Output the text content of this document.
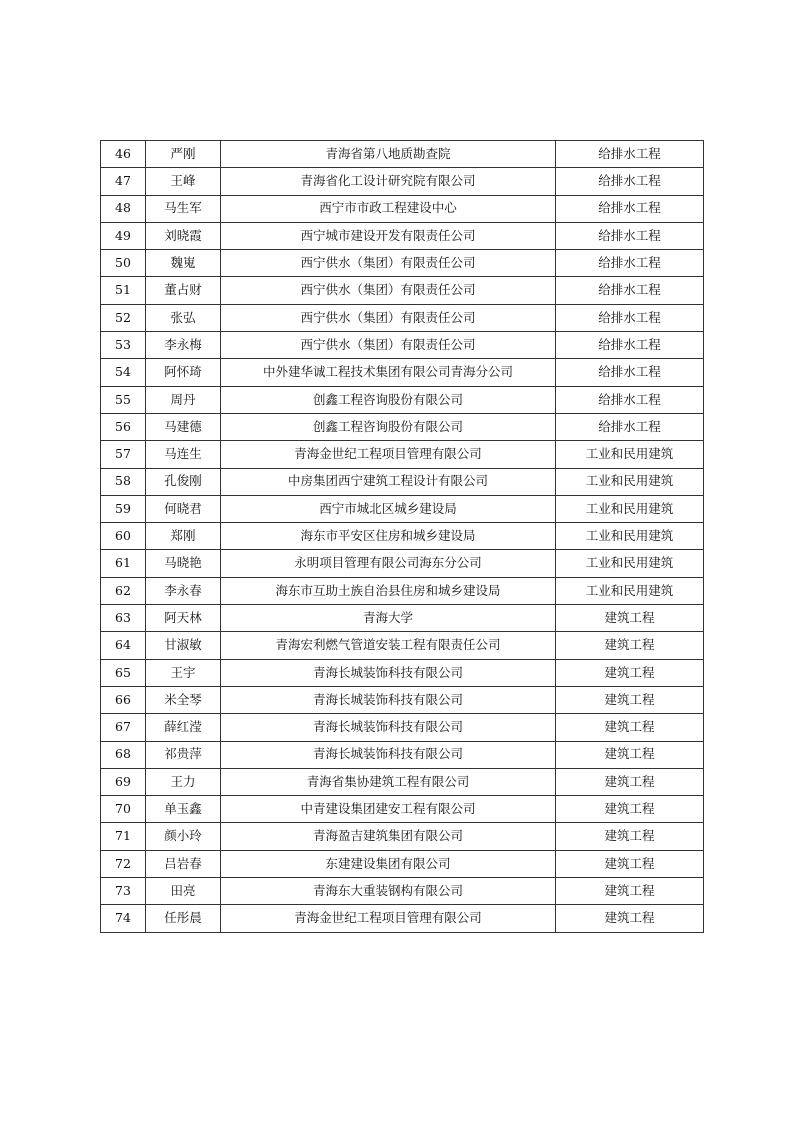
46	严刚	青海省第八地质勘查院	给排水工程
47	王峰	青海省化工设计研究院有限公司	给排水工程
48	马生军	西宁市市政工程建设中心	给排水工程
49	刘晓霞	西宁城市建设开发有限责任公司	给排水工程
50	魏嵬	西宁供水（集团）有限责任公司	给排水工程
51	董占财	西宁供水（集团）有限责任公司	给排水工程
52	张弘	西宁供水（集团）有限责任公司	给排水工程
53	李永梅	西宁供水（集团）有限责任公司	给排水工程
54	阿怀琦	中外建华诚工程技术集团有限公司青海分公司	给排水工程
55	周丹	创鑫工程咨询股份有限公司	给排水工程
56	马建德	创鑫工程咨询股份有限公司	给排水工程
57	马连生	青海金世纪工程项目管理有限公司	工业和民用建筑
58	孔俊刚	中房集团西宁建筑工程设计有限公司	工业和民用建筑
59	何晓君	西宁市城北区城乡建设局	工业和民用建筑
60	郑刚	海东市平安区住房和城乡建设局	工业和民用建筑
61	马晓艳	永明项目管理有限公司海东分公司	工业和民用建筑
62	李永春	海东市互助土族自治县住房和城乡建设局	工业和民用建筑
63	阿天林	青海大学	建筑工程
64	甘淑敏	青海宏利燃气管道安装工程有限责任公司	建筑工程
65	王宇	青海长城装饰科技有限公司	建筑工程
66	米全琴	青海长城装饰科技有限公司	建筑工程
67	薛红滢	青海长城装饰科技有限公司	建筑工程
68	祁贵萍	青海长城装饰科技有限公司	建筑工程
69	王力	青海省集协建筑工程有限公司	建筑工程
70	单玉鑫	中青建设集团建安工程有限公司	建筑工程
71	颜小玲	青海盈吉建筑集团有限公司	建筑工程
72	吕岩春	东建建设集团有限公司	建筑工程
73	田亮	青海东大重装钢构有限公司	建筑工程
74	任彤晨	青海金世纪工程项目管理有限公司	建筑工程
